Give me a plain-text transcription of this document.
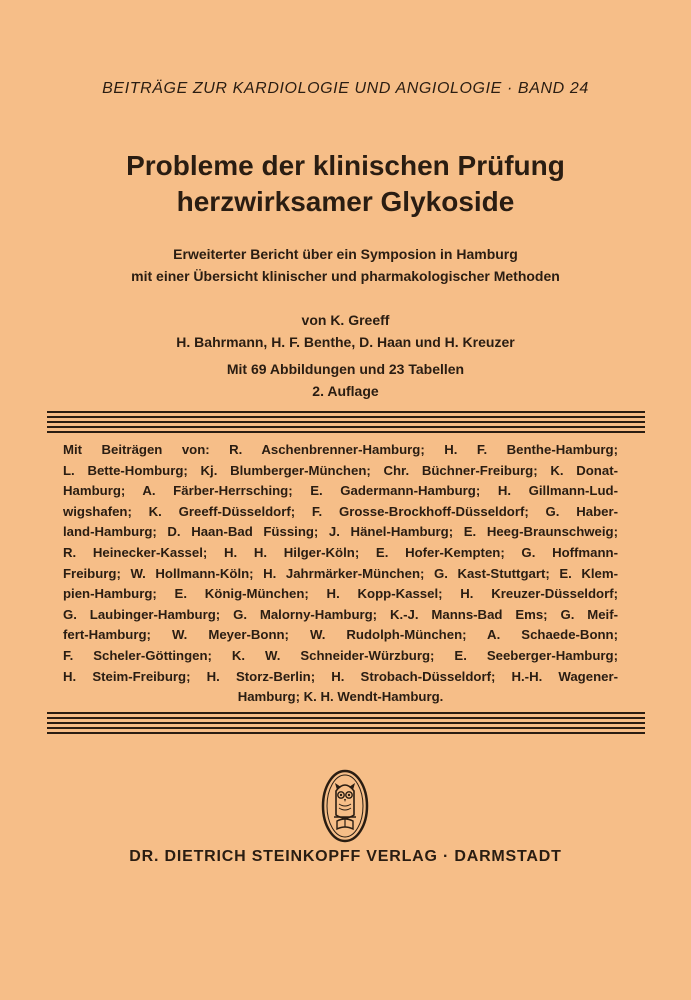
BEITRÄGE ZUR KARDIOLOGIE UND ANGIOLOGIE · BAND 24
Probleme der klinischen Prüfung
herzwirksamer Glykoside
Erweiterter Bericht über ein Symposion in Hamburg
mit einer Übersicht klinischer und pharmakologischer Methoden
von K. Greeff
H. Bahrmann, H. F. Benthe, D. Haan und H. Kreuzer
Mit 69 Abbildungen und 23 Tabellen
2. Auflage
Mit Beiträgen von: R. Aschenbrenner-Hamburg; H. F. Benthe-Hamburg;
L. Bette-Homburg; Kj. Blumberger-München; Chr. Büchner-Freiburg; K. Donat-
Hamburg; A. Färber-Herrsching; E. Gadermann-Hamburg; H. Gillmann-Lud-
wigshafen; K. Greeff-Düsseldorf; F. Grosse-Brockhoff-Düsseldorf; G. Haber-
land-Hamburg; D. Haan-Bad Füssing; J. Hänel-Hamburg; E. Heeg-Braunschweig;
R. Heinecker-Kassel; H. H. Hilger-Köln; E. Hofer-Kempten; G. Hoffmann-
Freiburg; W. Hollmann-Köln; H. Jahrmärker-München; G. Kast-Stuttgart; E. Klem-
pien-Hamburg; E. König-München; H. Kopp-Kassel; H. Kreuzer-Düsseldorf;
G. Laubinger-Hamburg; G. Malorny-Hamburg; K.-J. Manns-Bad Ems; G. Meif-
fert-Hamburg; W. Meyer-Bonn; W. Rudolph-München; A. Schaede-Bonn;
F. Scheler-Göttingen; K. W. Schneider-Würzburg; E. Seeberger-Hamburg;
H. Steim-Freiburg; H. Storz-Berlin; H. Strobach-Düsseldorf; H.-H. Wagener-
Hamburg; K. H. Wendt-Hamburg.
DR. DIETRICH STEINKOPFF VERLAG · DARMSTADT
